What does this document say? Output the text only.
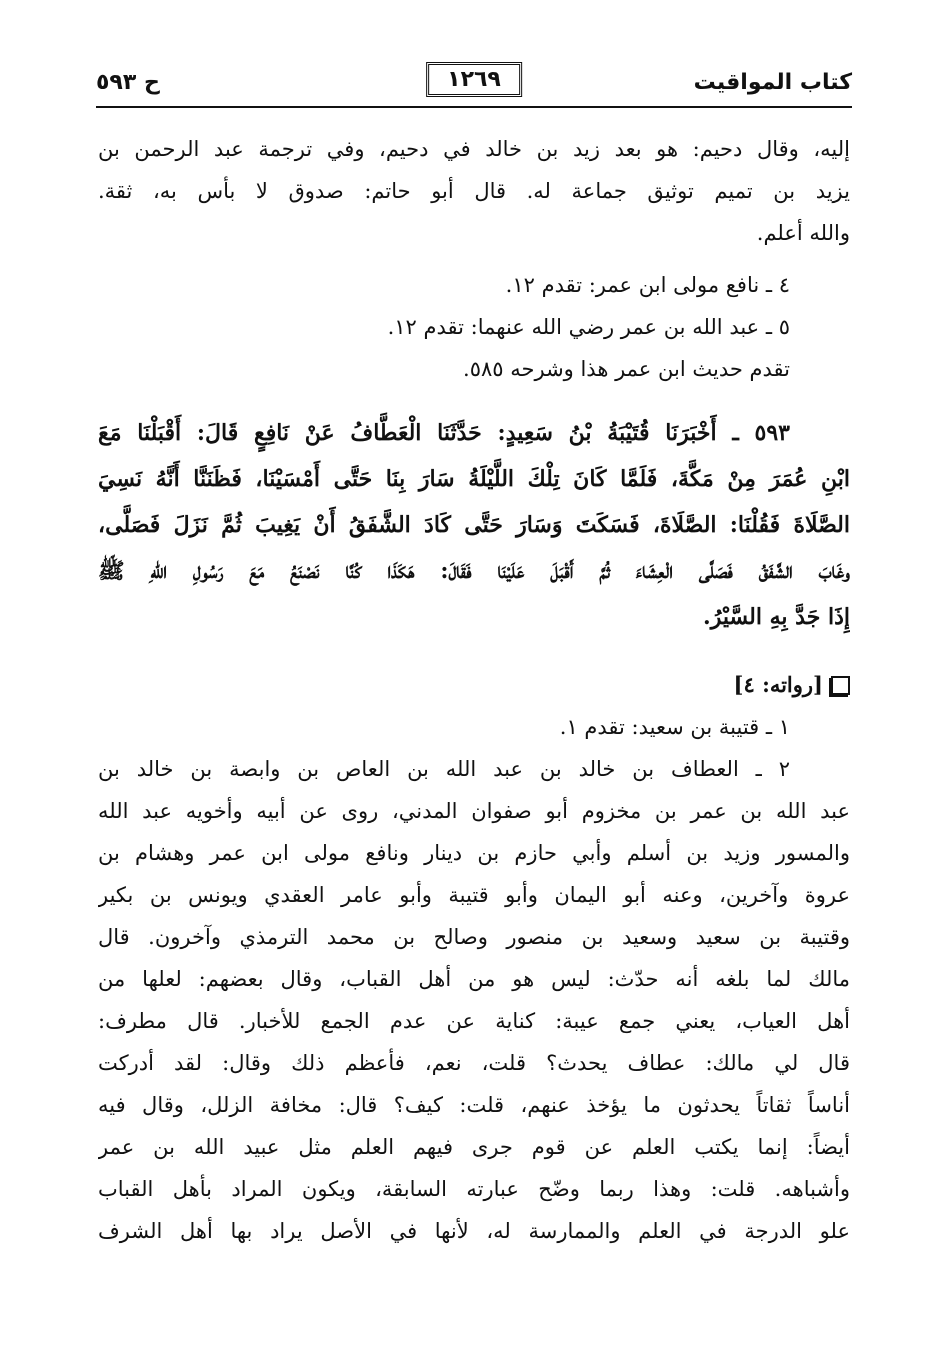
كتاب المواقيت
١٢٦٩
ح ٥٩٣
إليه، وقال دحيم: هو بعد زيد بن خالد في دحيم، وفي ترجمة عبد الرحمن بن
يزيد بن تميم توثيق جماعة له. قال أبو حاتم: صدوق لا بأس به، ثقة.
والله أعلم.
٤ ـ نافع مولى ابن عمر: تقدم ١٢.
٥ ـ عبد الله بن عمر رضي الله عنهما: تقدم ١٢.
تقدم حديث ابن عمر هذا وشرحه ٥٨٥.
٥٩٣ ـ أَخْبَرَنَا قُتَيْبَةُ بْنُ سَعِيدٍ: حَدَّثَنَا الْعَطَّافُ عَنْ نَافِعٍ قَالَ: أَقْبَلْنَا مَعَ
ابْنِ عُمَرَ مِنْ مَكَّةَ، فَلَمَّا كَانَ تِلْكَ اللَّيْلَةُ سَارَ بِنَا حَتَّى أَمْسَيْنَا، فَظَنَنَّا أَنَّهُ نَسِيَ
الصَّلَاةَ فَقُلْنَا: الصَّلَاةَ، فَسَكَتَ وَسَارَ حَتَّى كَادَ الشَّفَقُ أَنْ يَغِيبَ ثُمَّ نَزَلَ فَصَلَّى،
وغَابَ الشَّفَقُ فَصَلَّى الْعِشَاءَ ثُمَّ أَقْبَلَ عَلَيْنَا فَقَالَ: هَكَذَا كُنَّا نَصْنَعُ مَعَ رَسُولِ اللهِ ﷺ
إِذَا جَدَّ بِهِ السَّيْرُ.
[رواته: ٤]
١ ـ قتيبة بن سعيد: تقدم ١.
٢ ـ العطاف بن خالد بن عبد الله بن العاص بن وابصة بن خالد بن
عبد الله بن عمر بن مخزوم أبو صفوان المدني، روى عن أبيه وأخويه عبد الله
والمسور وزيد بن أسلم وأبي حازم بن دينار ونافع مولى ابن عمر وهشام بن
عروة وآخرين، وعنه أبو اليمان وأبو قتيبة وأبو عامر العقدي ويونس بن بكير
وقتيبة بن سعيد وسعيد بن منصور وصالح بن محمد الترمذي وآخرون. قال
مالك لما بلغه أنه حدّث: ليس هو من أهل القباب، وقال بعضهم: لعلها من
أهل العياب، يعني جمع عيبة: كناية عن عدم الجمع للأخبار. قال مطرف:
قال لي مالك: عطاف يحدث؟ قلت، نعم، فأعظم ذلك وقال: لقد أدركت
أناساً ثقاتاً يحدثون ما يؤخذ عنهم، قلت: كيف؟ قال: مخافة الزلل، وقال فيه
أيضاً: إنما يكتب العلم عن قوم جرى فيهم العلم مثل عبيد الله بن عمر
وأشباهه. قلت: وهذا ربما وضّح عبارته السابقة، ويكون المراد بأهل القباب
علو الدرجة في العلم والممارسة له، لأنها في الأصل يراد بها أهل الشرف
